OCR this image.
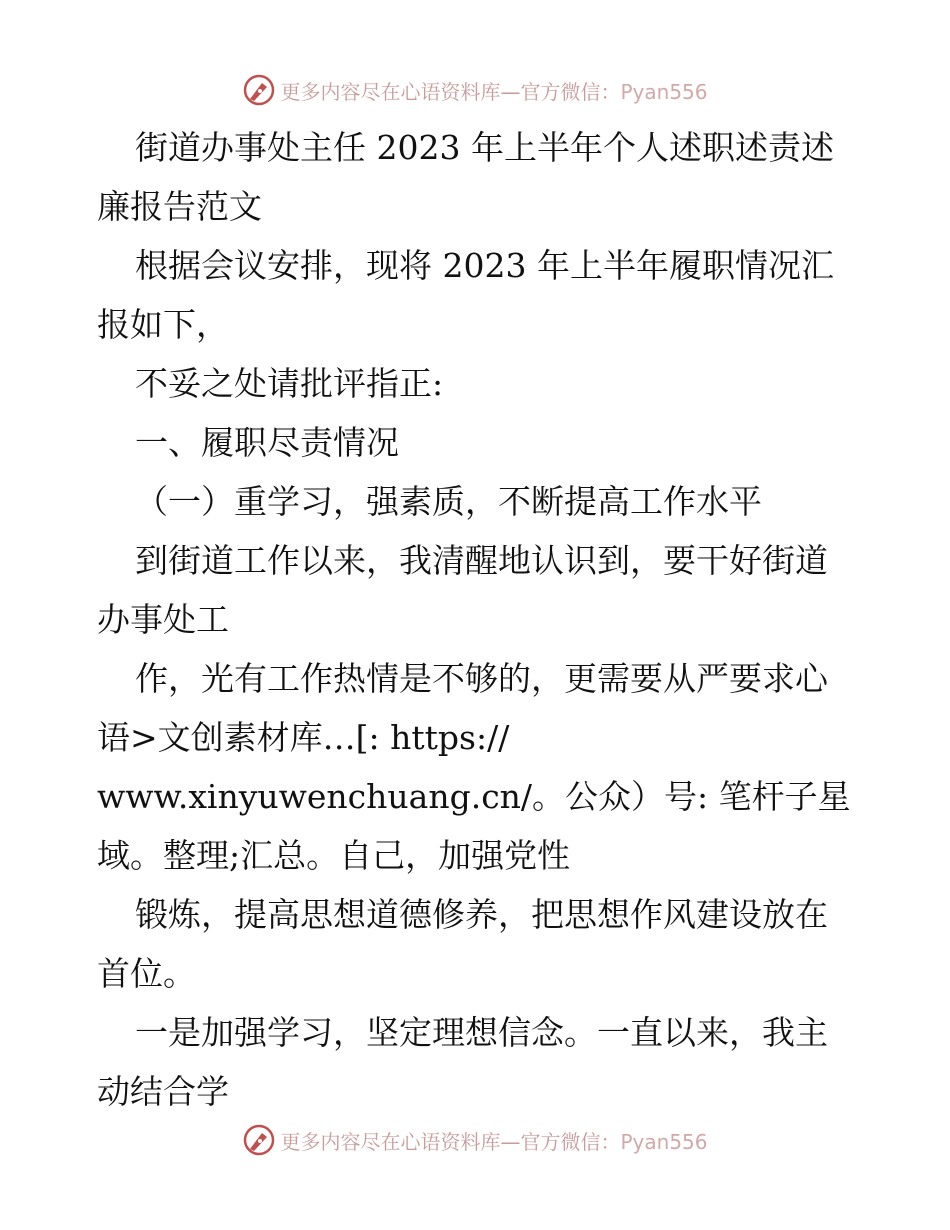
更多内容尽在心语资料库—官方微信：Pyan556

街道办事处主任 2023 年上半年个人述职述责述廉报告范文

根据会议安排，现将 2023 年上半年履职情况汇报如下，

不妥之处请批评指正:

一、履职尽责情况

（一）重学习，强素质，不断提高工作水平

到街道工作以来，我清醒地认识到，要干好街道办事处工

作，光有工作热情是不够的，更需要从严要求心语>文创素材库…[: https://

www.xinyuwenchuang.cn/。公众）号: 笔杆子星域。整理;汇总。自己，加强党性

锻炼，提高思想道德修养，把思想作风建设放在首位。

一是加强学习，坚定理想信念。一直以来，我主动结合学

更多内容尽在心语资料库—官方微信：Pyan556
